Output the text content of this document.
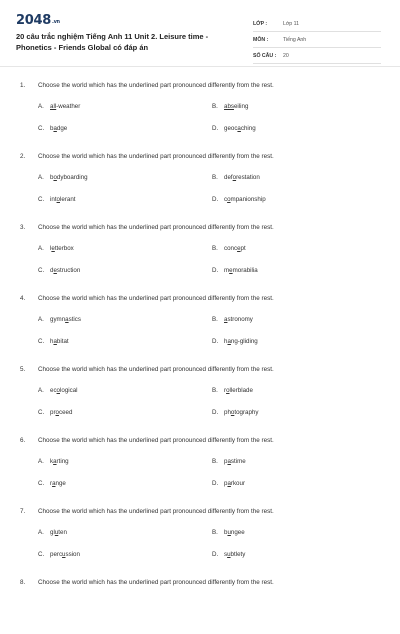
$2048_{.vn}$
20 câu trắc nghiệm Tiếng Anh 11 Unit 2. Leisure time - Phonetics - Friends Global có đáp án
LỚP :	Lớp 11
MÔN :	Tiếng Anh
SỐ CÂU :	20
1. Choose the world which has the underlined part pronounced differently from the rest.
A. all-weather	B. abseiling
C. badge	D. geocaching
2. Choose the world which has the underlined part pronounced differently from the rest.
A. bodyboarding	B. deforestation
C. intolerant	D. companionship
3. Choose the world which has the underlined part pronounced differently from the rest.
A. letterbox	B. concept
C. destruction	D. memorabilia
4. Choose the world which has the underlined part pronounced differently from the rest.
A. gymnastics	B. astronomy
C. habitat	D. hang-gliding
5. Choose the world which has the underlined part pronounced differently from the rest.
A. ecological	B. rollerblade
C. proceed	D. photography
6. Choose the world which has the underlined part pronounced differently from the rest.
A. karting	B. pastime
C. range	D. parkour
7. Choose the world which has the underlined part pronounced differently from the rest.
A. gluten	B. bungee
C. percussion	D. subtlety
8. Choose the world which has the underlined part pronounced differently from the rest.
